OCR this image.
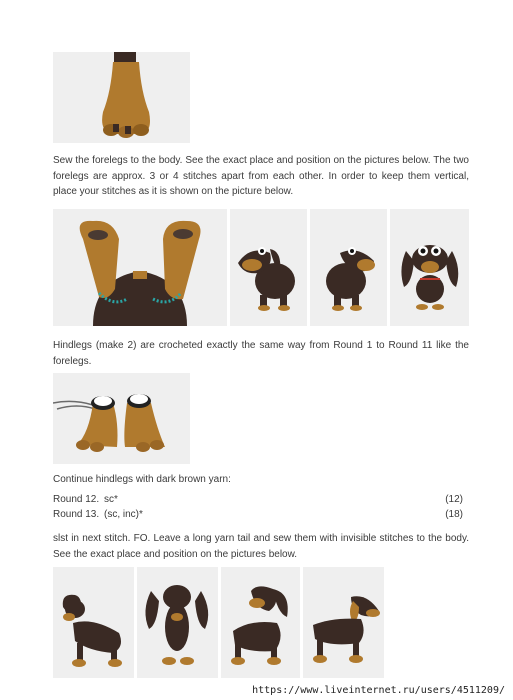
Sew the forelegs to the body. See the exact place and position on the pictures below. The two forelegs are approx. 3 or 4 stitches apart from each other. In order to keep them vertical, place your stitches as it is shown on the picture below.

Hindlegs (make 2) are crocheted exactly the same way from Round 1 to Round 11 like the forelegs.

Continue hindlegs with dark brown yarn:

Round 12. sc*	(12)
Round 13. (sc, inc)*	(18)

slst in next stitch. FO. Leave a long yarn tail and sew them with invisible stitches to the body. See the exact place and position on the pictures below.

https://www.liveinternet.ru/users/4511209/
